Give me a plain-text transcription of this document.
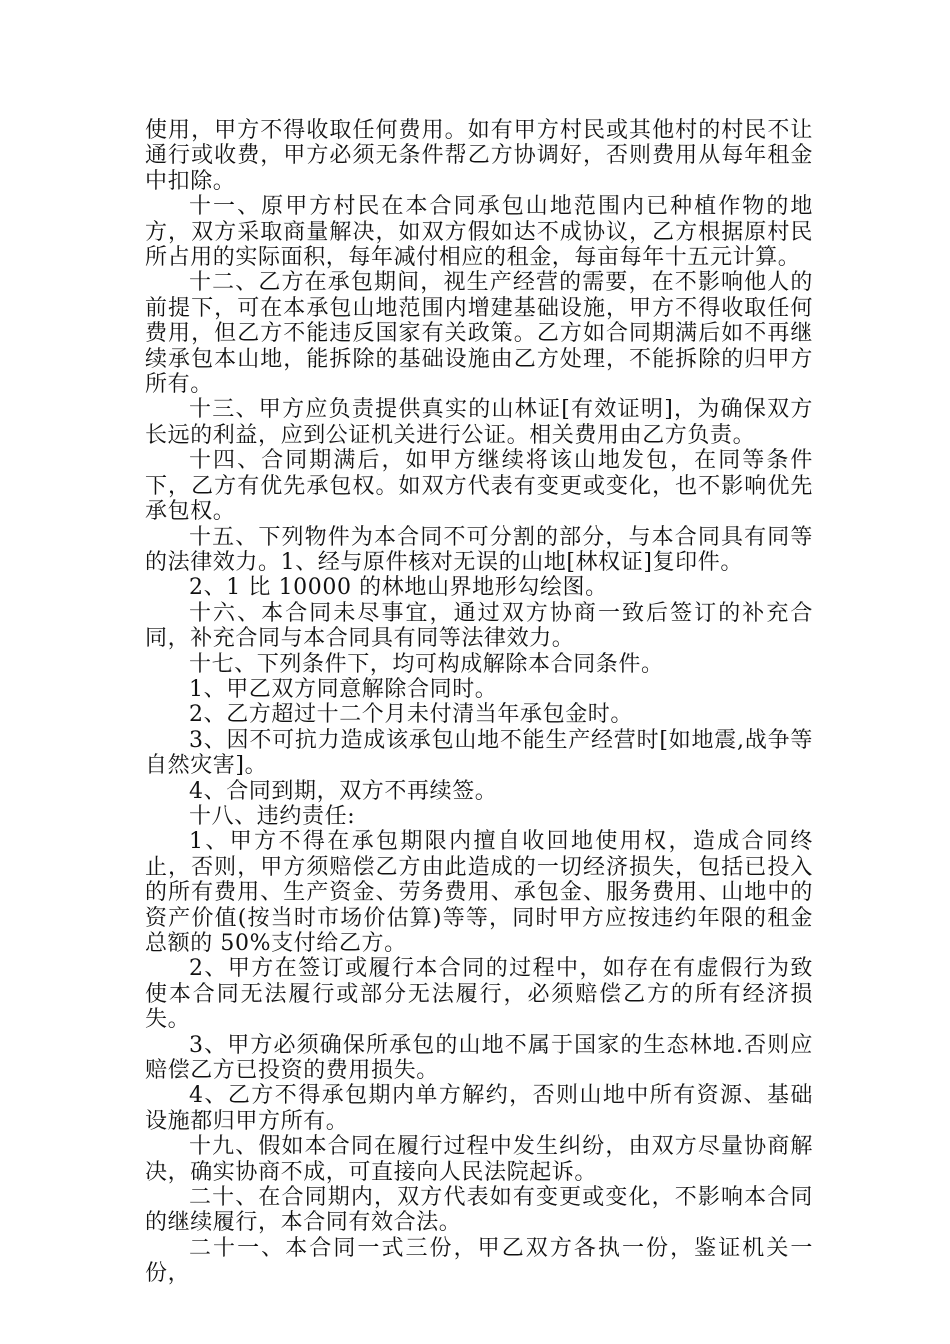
使用，甲方不得收取任何费用。如有甲方村民或其他村的村民不让通行或收费，甲方必须无条件帮乙方协调好，否则费用从每年租金中扣除。

十一、原甲方村民在本合同承包山地范围内已种植作物的地方，双方采取商量解决，如双方假如达不成协议，乙方根据原村民所占用的实际面积，每年减付相应的租金，每亩每年十五元计算。

十二、乙方在承包期间，视生产经营的需要，在不影响他人的前提下，可在本承包山地范围内增建基础设施，甲方不得收取任何费用，但乙方不能违反国家有关政策。乙方如合同期满后如不再继续承包本山地，能拆除的基础设施由乙方处理，不能拆除的归甲方所有。

十三、甲方应负责提供真实的山林证[有效证明]，为确保双方长远的利益，应到公证机关进行公证。相关费用由乙方负责。

十四、合同期满后，如甲方继续将该山地发包，在同等条件下，乙方有优先承包权。如双方代表有变更或变化，也不影响优先承包权。

十五、下列物件为本合同不可分割的部分，与本合同具有同等的法律效力。1、经与原件核对无误的山地[林权证]复印件。

2、1 比 10000 的林地山界地形勾绘图。

十六、本合同未尽事宜，通过双方协商一致后签订的补充合同，补充合同与本合同具有同等法律效力。

十七、下列条件下，均可构成解除本合同条件。

1、甲乙双方同意解除合同时。

2、乙方超过十二个月未付清当年承包金时。

3、因不可抗力造成该承包山地不能生产经营时[如地震,战争等自然灾害]。

4、合同到期，双方不再续签。

十八、违约责任:

1、甲方不得在承包期限内擅自收回地使用权，造成合同终止，否则，甲方须赔偿乙方由此造成的一切经济损失，包括已投入的所有费用、生产资金、劳务费用、承包金、服务费用、山地中的资产价值(按当时市场价估算)等等，同时甲方应按违约年限的租金总额的 50%支付给乙方。

2、甲方在签订或履行本合同的过程中，如存在有虚假行为致使本合同无法履行或部分无法履行，必须赔偿乙方的所有经济损失。

3、甲方必须确保所承包的山地不属于国家的生态林地.否则应赔偿乙方已投资的费用损失。

4、乙方不得承包期内单方解约，否则山地中所有资源、基础设施都归甲方所有。

十九、假如本合同在履行过程中发生纠纷，由双方尽量协商解决，确实协商不成，可直接向人民法院起诉。

二十、在合同期内，双方代表如有变更或变化，不影响本合同的继续履行，本合同有效合法。

二十一、本合同一式三份，甲乙双方各执一份，鉴证机关一份，
